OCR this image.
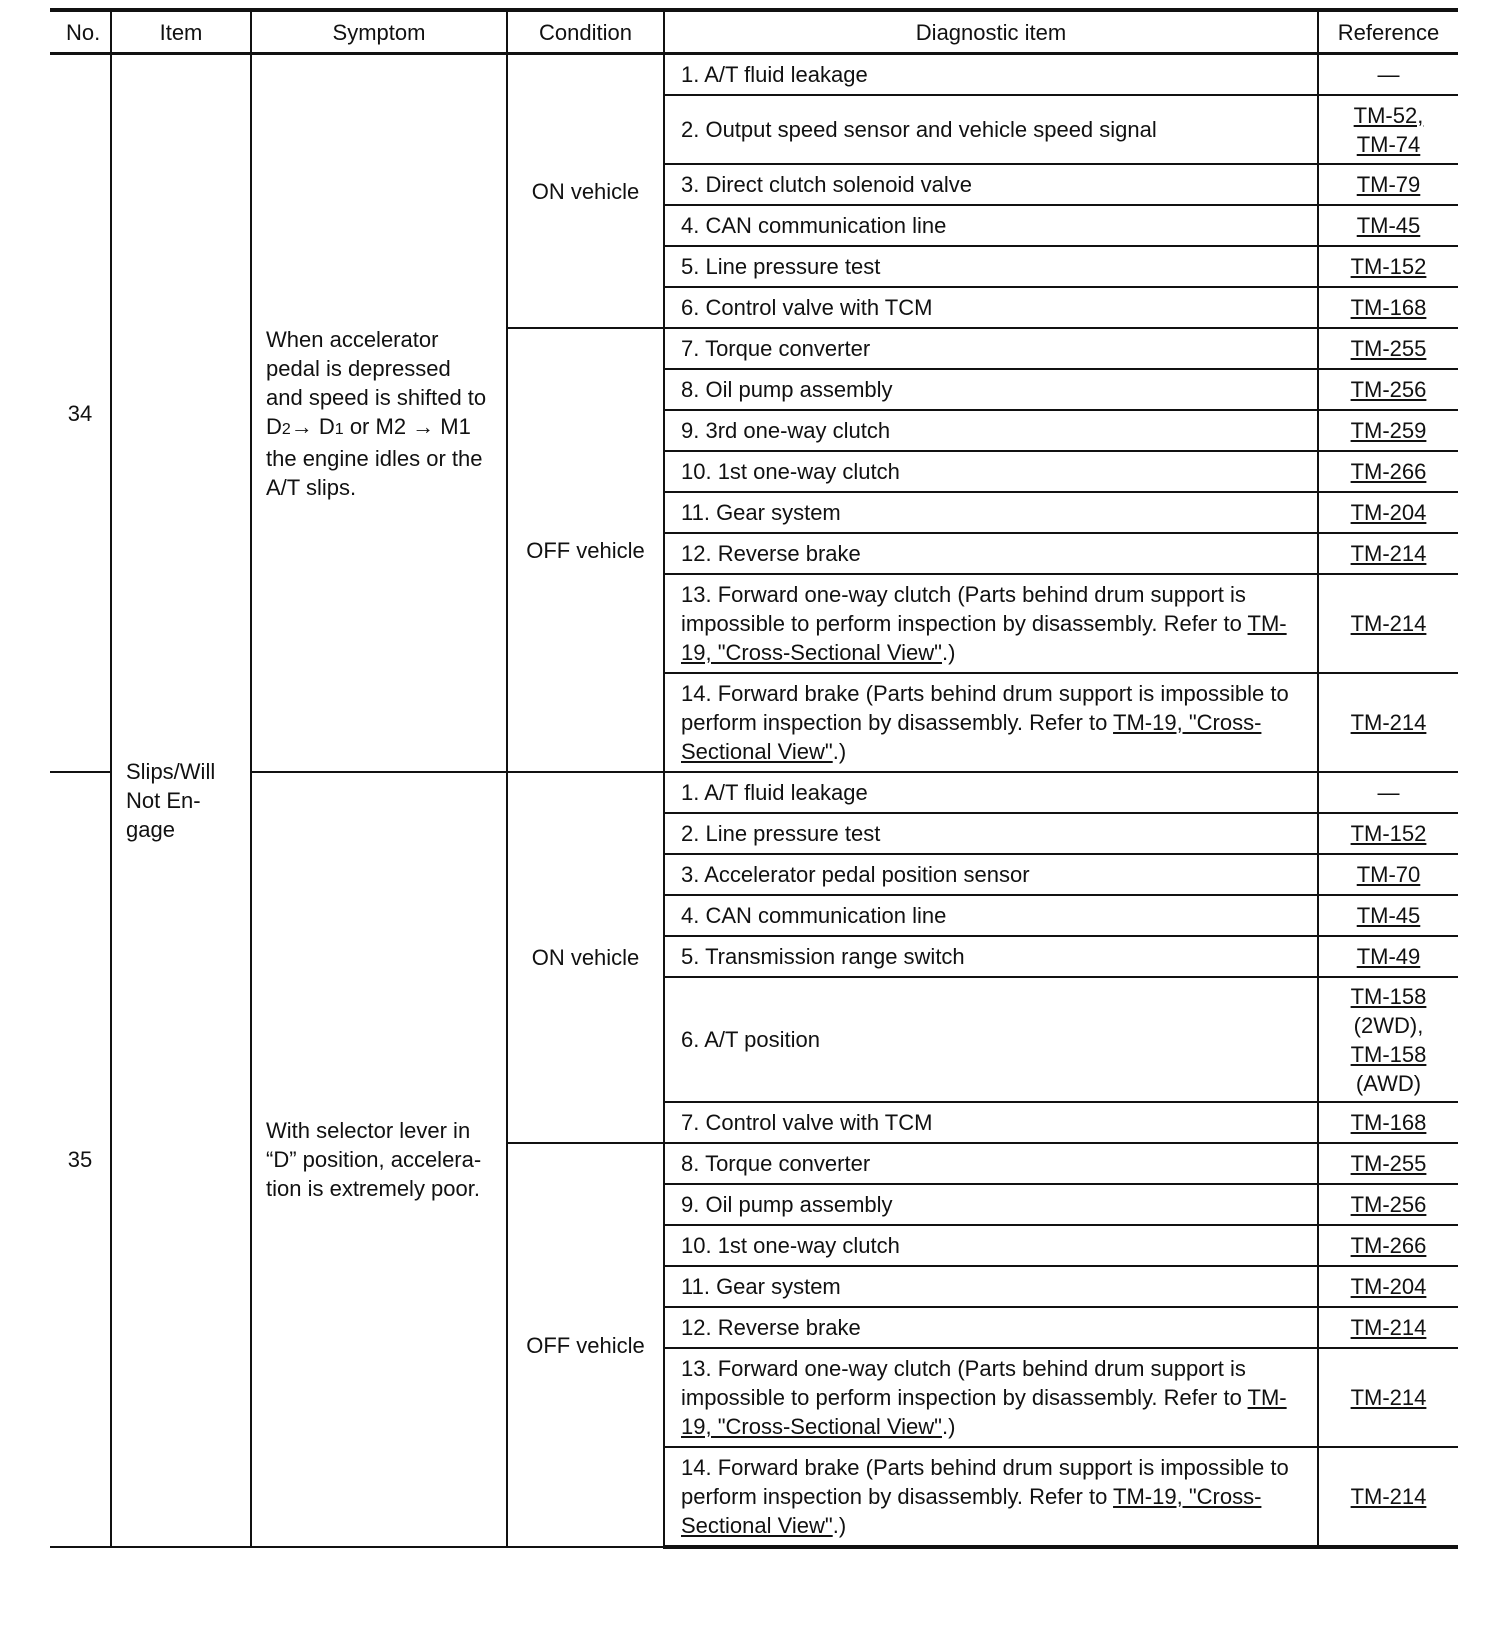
No.	Item	Symptom	Condition	Diagnostic item	Reference
34	Slips/Will Not En- gage	When accelerator pedal is depressed and speed is shifted to D2→ D1 or M2 → M1 the engine idles or the A/T slips.	ON vehicle	1. A/T fluid leakage	—
				2. Output speed sensor and vehicle speed signal	TM-52,
TM-74

				3. Direct clutch solenoid valve	TM-79
				4. CAN communication line	TM-45
				5. Line pressure test	TM-152
				6. Control valve with TCM	TM-168
			OFF vehicle	7. Torque converter	TM-255
				8. Oil pump assembly	TM-256
				9. 3rd one-way clutch	TM-259
				10. 1st one-way clutch	TM-266
				11. Gear system	TM-204
				12. Reverse brake	TM-214
				13. Forward one-way clutch (Parts behind drum support is impossible to perform inspection by disassembly. Refer to TM-19, "Cross-Sectional View".)	TM-214
				14. Forward brake (Parts behind drum support is impossible to perform inspection by disassembly. Refer to TM-19, "Cross-Sectional View".)	TM-214
35		With selector lever in “D” position, accelera- tion is extremely poor.	ON vehicle	1. A/T fluid leakage	—
				2. Line pressure test	TM-152
				3. Accelerator pedal position sensor	TM-70
				4. CAN communication line	TM-45
				5. Transmission range switch	TM-49
				6. A/T position	TM-158
(2WD),
TM-158
(AWD)

				7. Control valve with TCM	TM-168
			OFF vehicle	8. Torque converter	TM-255
				9. Oil pump assembly	TM-256
				10. 1st one-way clutch	TM-266
				11. Gear system	TM-204
				12. Reverse brake	TM-214
				13. Forward one-way clutch (Parts behind drum support is impossible to perform inspection by disassembly. Refer to TM-19, "Cross-Sectional View".)	TM-214
				14. Forward brake (Parts behind drum support is impossible to perform inspection by disassembly. Refer to TM-19, "Cross-Sectional View".)	TM-214
